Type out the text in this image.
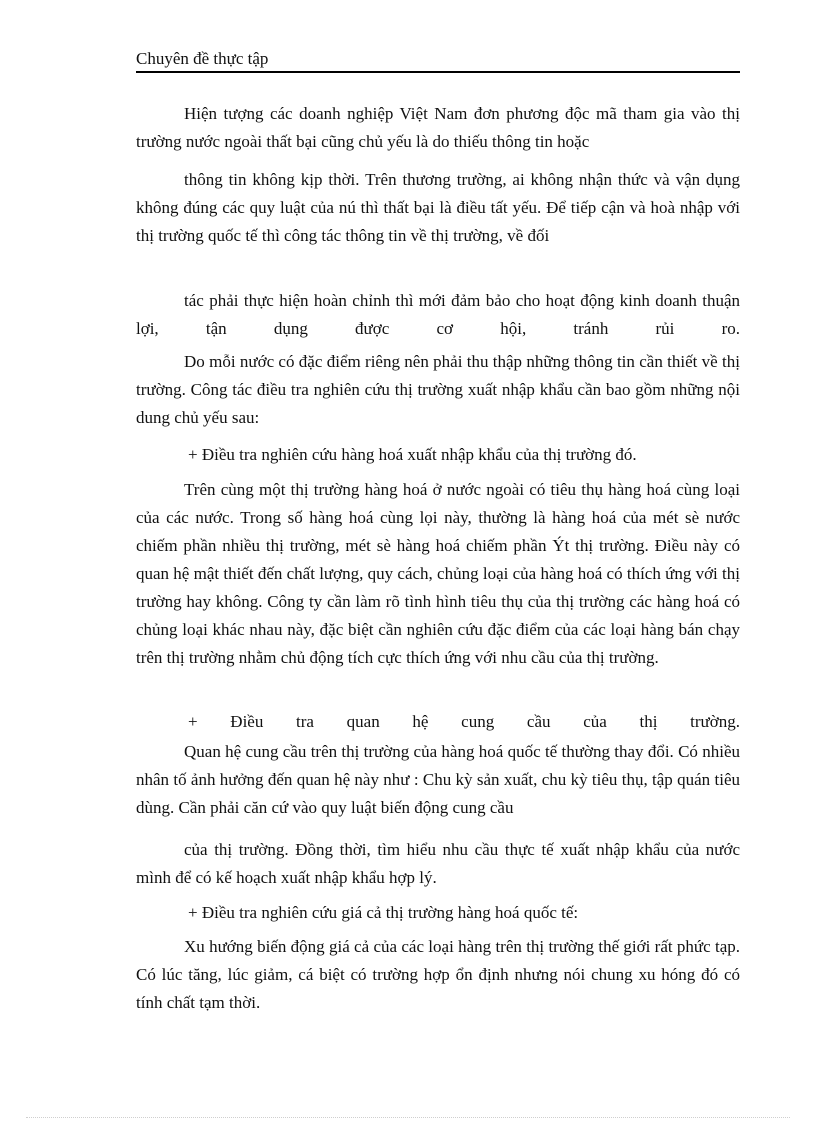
Chuyên đề thực tập

Hiện tượng các doanh nghiệp Việt Nam đơn phương độc mã tham gia vào thị trường nước ngoài thất bại cũng chủ yếu là do thiếu thông tin hoặc

thông tin không kịp thời. Trên thương trường, ai không nhận thức và vận dụng không đúng các quy luật của nú thì thất bại là điều tất yếu. Để tiếp cận và hoà nhập với thị trường quốc tế thì công tác thông tin về thị trường, về đối

tác phải thực hiện hoàn chỉnh thì mới đảm bảo cho hoạt động kinh doanh thuận lợi, tận dụng được cơ hội, tránh rủi ro.

Do mỗi nước có đặc điểm riêng nên phải thu thập những thông tin cần thiết về thị trường. Công tác điều tra nghiên cứu thị trường xuất nhập khẩu cần bao gồm những nội dung chủ yếu sau:

+ Điều tra nghiên cứu hàng hoá xuất nhập khẩu của thị trường đó.

Trên cùng một thị trường hàng hoá ở nước ngoài có tiêu thụ hàng hoá cùng loại của các nước. Trong số hàng hoá cùng lọi này, thường là hàng hoá của mét sè nước chiếm phần nhiều thị trường, mét sè hàng hoá chiếm phần Ýt thị trường. Điều này có quan hệ mật thiết đến chất lượng, quy cách, chủng loại của hàng hoá có thích ứng với thị trường hay không. Công ty cần làm rõ tình hình tiêu thụ của thị trường các hàng hoá có chủng loại khác nhau này, đặc biệt cần nghiên cứu đặc điểm của các loại hàng bán chạy trên thị trường nhằm chủ động tích cực thích ứng với nhu cầu của thị trường.

+ Điều tra quan hệ cung cầu của thị trường.

Quan hệ cung cầu trên thị trường của hàng hoá quốc tế thường thay đổi. Có nhiều nhân tố ảnh hưởng đến quan hệ này như : Chu kỳ sản xuất, chu kỳ tiêu thụ, tập quán tiêu dùng. Cần phải căn cứ vào quy luật biến động cung cầu

của thị trường. Đồng thời, tìm hiểu nhu cầu thực tế xuất nhập khẩu của nước mình để có kế hoạch xuất nhập khẩu hợp lý.

+ Điều tra nghiên cứu giá cả thị trường hàng hoá quốc tế:

Xu hướng biến động giá cả của các loại hàng trên thị trường thế giới rất phức tạp. Có lúc tăng, lúc giảm, cá biệt có trường hợp ổn định nhưng nói chung xu hóng đó có tính chất tạm thời.
